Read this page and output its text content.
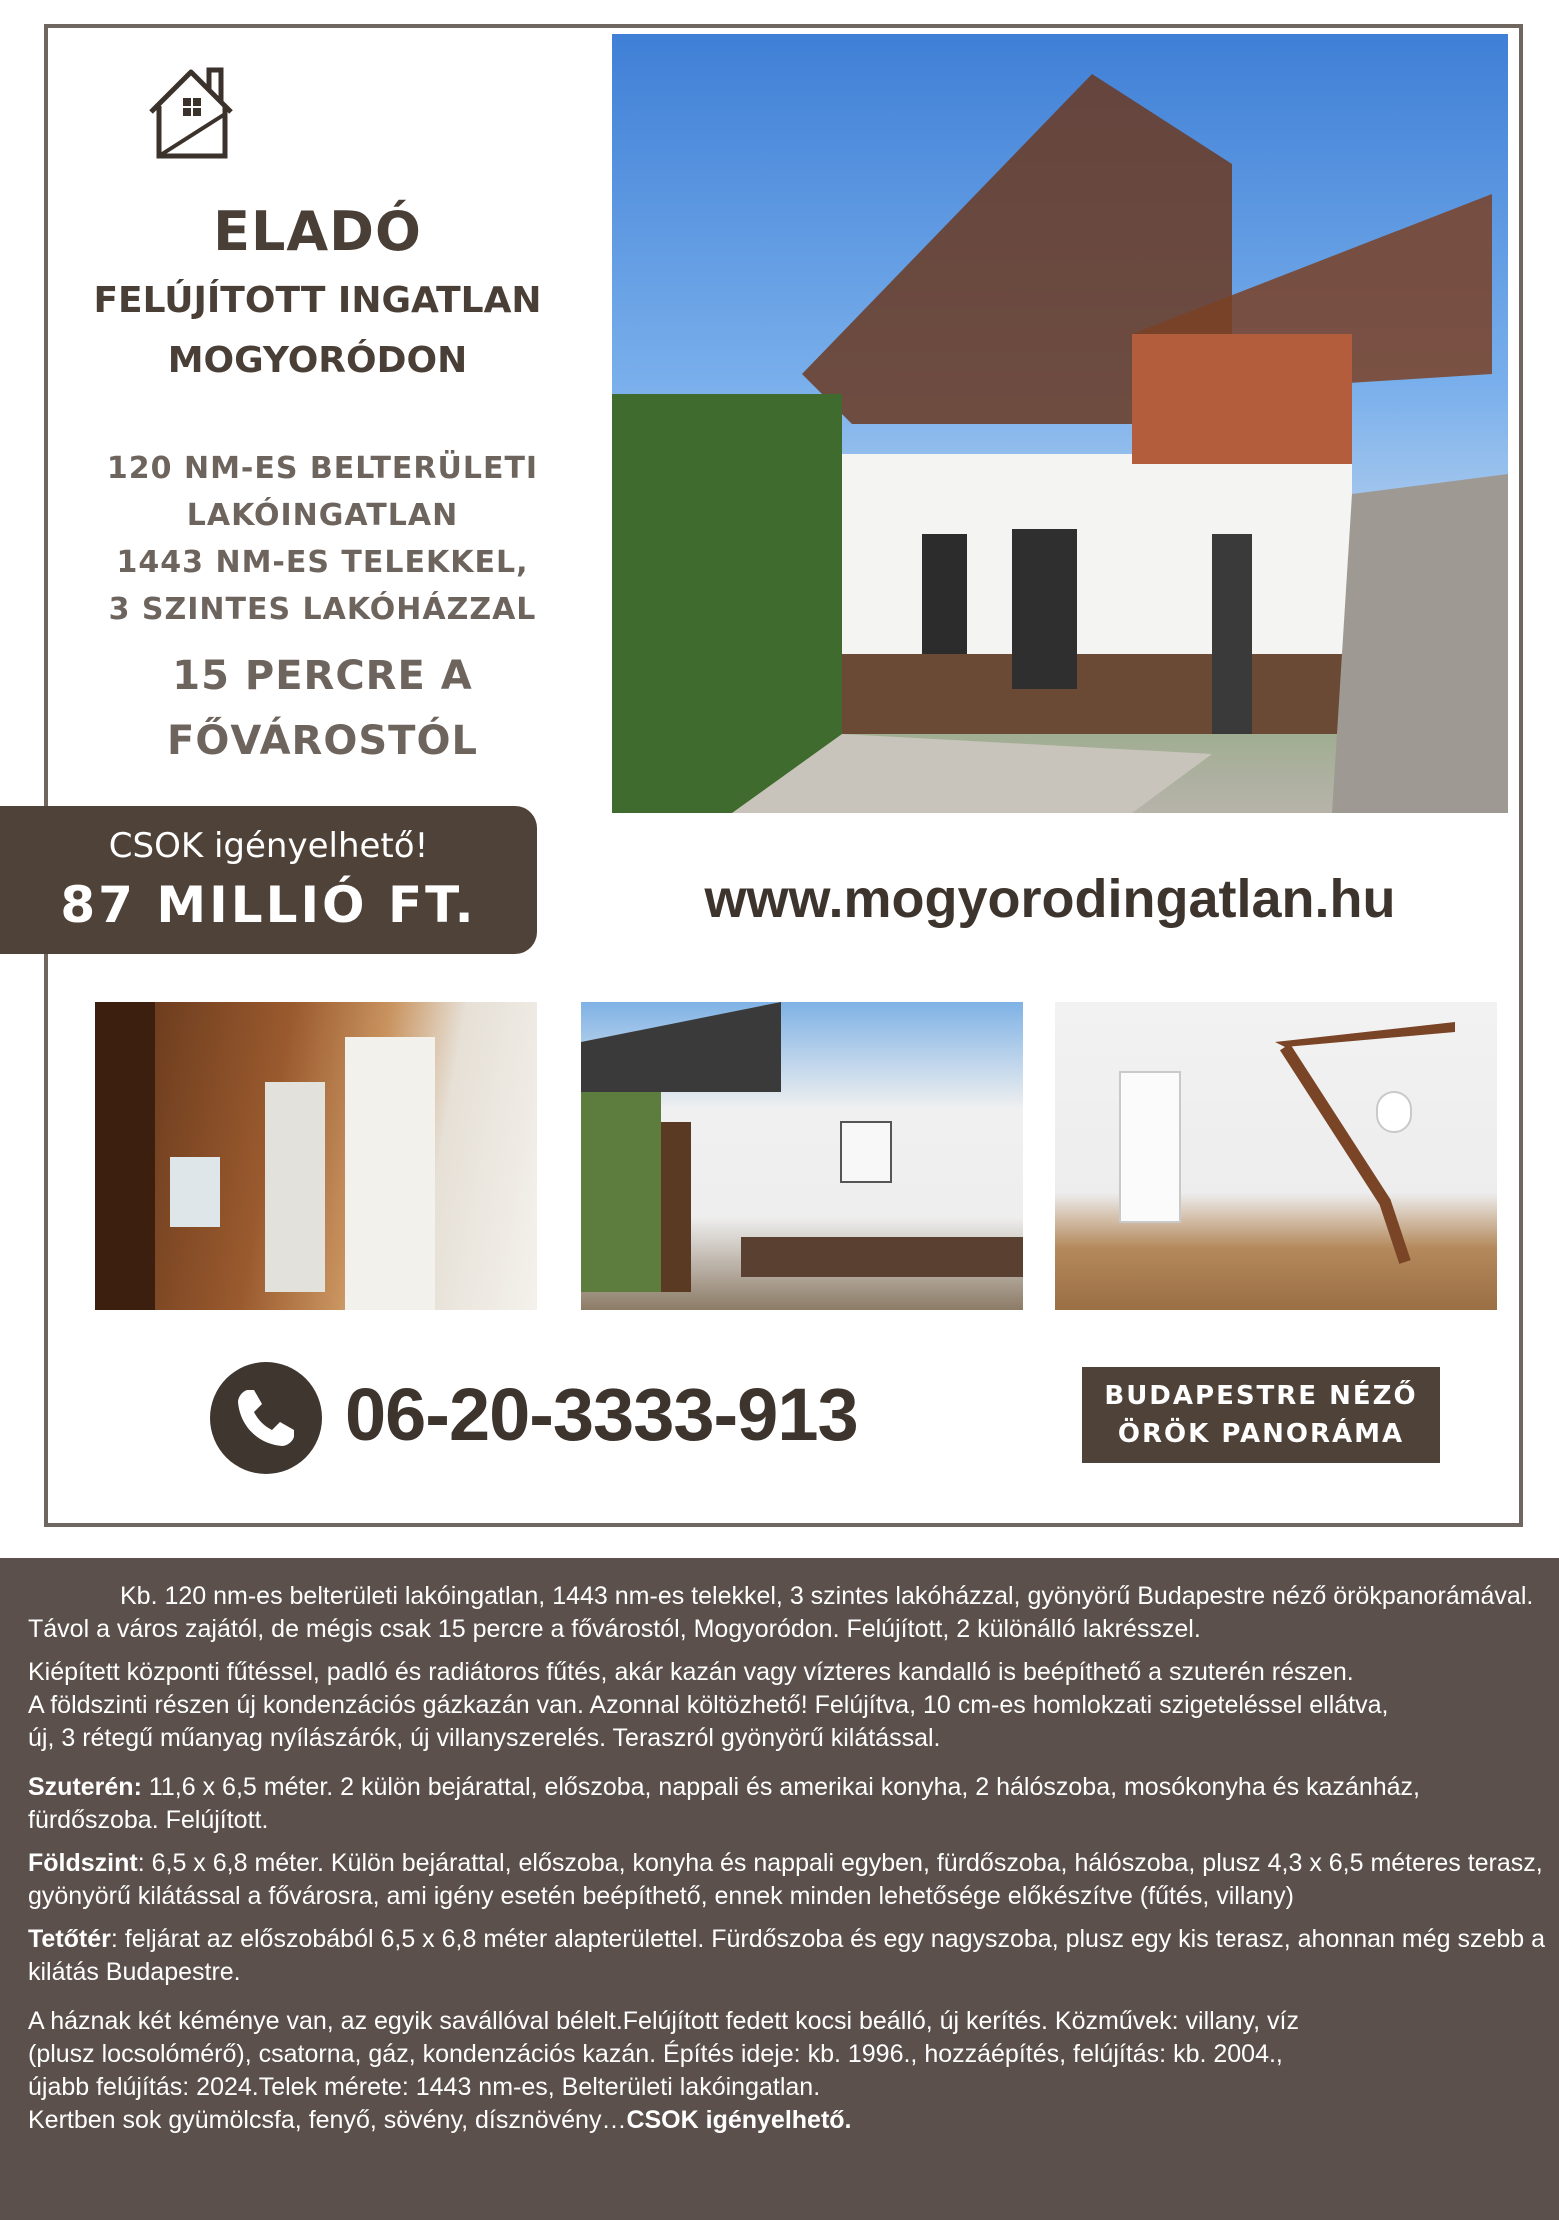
ELADÓ
FELÚJÍTOTT INGATLAN
MOGYORÓDON
120 NM-ES BELTERÜLETI
LAKÓINGATLAN
1443 NM-ES TELEKKEL,
3 SZINTES LAKÓHÁZZAL
15 PERCRE A
FŐVÁROSTÓL
CSOK igényelhető!
87 MILLIÓ FT.	www.mogyorodingatlan.hu
06-20-3333-913	BUDAPESTRE NÉZŐ
ÖRÖK PANORÁMA

Kb. 120 nm-es belterületi lakóingatlan, 1443 nm-es telekkel, 3 szintes lakóházzal, gyönyörű Budapestre néző örökpanorámával. Távol a város zajától, de mégis csak 15 percre a fővárostól, Mogyoródon. Felújított, 2 különálló lakrésszel.

Kiépített központi fűtéssel, padló és radiátoros fűtés, akár kazán vagy vízteres kandalló is beépíthető a szuterén részen.

A földszinti részen új kondenzációs gázkazán van. Azonnal költözhető! Felújítva, 10 cm-es homlokzati szigeteléssel ellátva,

új, 3 rétegű műanyag nyílászárók, új villanyszerelés. Teraszról gyönyörű kilátással.

Szuterén: 11,6 x 6,5 méter. 2 külön bejárattal, előszoba, nappali és amerikai konyha, 2 hálószoba, mosókonyha és kazánház, fürdőszoba. Felújított.

Földszint: 6,5 x 6,8 méter. Külön bejárattal, előszoba, konyha és nappali egyben, fürdőszoba, hálószoba, plusz 4,3 x 6,5 méteres terasz, gyönyörű kilátással a fővárosra, ami igény esetén beépíthető, ennek minden lehetősége előkészítve (fűtés, villany)

Tetőtér: feljárat az előszobából 6,5 x 6,8 méter alapterülettel. Fürdőszoba és egy nagyszoba, plusz egy kis terasz, ahonnan még szebb a kilátás Budapestre.

A háznak két kéménye van, az egyik savállóval bélelt.Felújított fedett kocsi beálló, új kerítés. Közművek: villany, víz

(plusz locsolómérő), csatorna, gáz, kondenzációs kazán. Építés ideje: kb. 1996., hozzáépítés, felújítás: kb. 2004.,

újabb felújítás: 2024.Telek mérete: 1443 nm-es, Belterületi lakóingatlan.

Kertben sok gyümölcsfa, fenyő, sövény, dísznövény…CSOK igényelhető.
